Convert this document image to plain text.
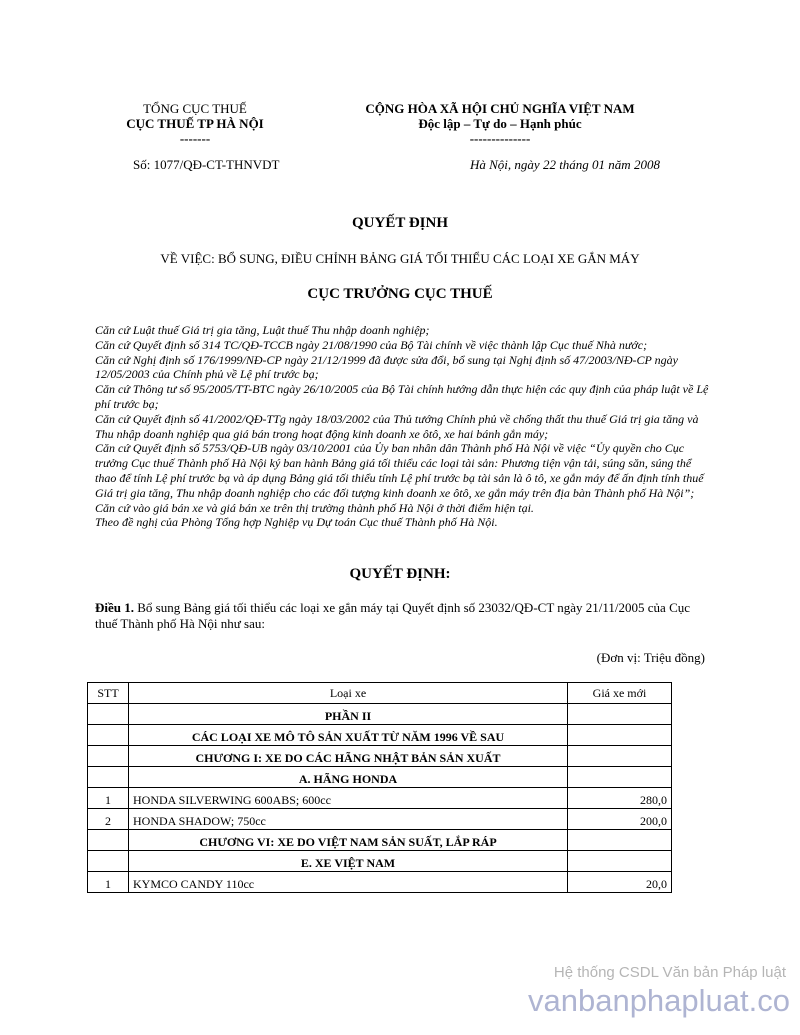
TỔNG CỤC THUẾ
CỤC THUẾ TP HÀ NỘI
-------
CỘNG HÒA XÃ HỘI CHỦ NGHĨA VIỆT NAM
Độc lập – Tự do – Hạnh phúc
--------------
Số: 1077/QĐ-CT-THNVDT	Hà Nội, ngày 22 tháng 01 năm 2008
QUYẾT ĐỊNH
VỀ VIỆC: BỔ SUNG, ĐIỀU CHỈNH BẢNG GIÁ TỐI THIỂU CÁC LOẠI XE GẮN MÁY
CỤC TRƯỞNG CỤC THUẾ
Căn cứ Luật thuế Giá trị gia tăng, Luật thuế Thu nhập doanh nghiệp;
Căn cứ Quyết định số 314 TC/QĐ-TCCB ngày 21/08/1990 của Bộ Tài chính về việc thành lập Cục thuế Nhà nước;
Căn cứ Nghị định số 176/1999/NĐ-CP ngày 21/12/1999 đã được sửa đổi, bổ sung tại Nghị định số 47/2003/NĐ-CP ngày 12/05/2003 của Chính phủ về Lệ phí trước bạ;
Căn cứ Thông tư số 95/2005/TT-BTC ngày 26/10/2005 của Bộ Tài chính hướng dẫn thực hiện các quy định của pháp luật về Lệ phí trước bạ;
Căn cứ Quyết định số 41/2002/QĐ-TTg ngày 18/03/2002 của Thủ tướng Chính phủ về chống thất thu thuế Giá trị gia tăng và Thu nhập doanh nghiệp qua giá bán trong hoạt động kinh doanh xe ôtô, xe hai bánh gắn máy;
Căn cứ Quyết định số 5753/QĐ-UB ngày 03/10/2001 của Ủy ban nhân dân Thành phố Hà Nội về việc “Ủy quyền cho Cục trưởng Cục thuế Thành phố Hà Nội ký ban hành Bảng giá tối thiểu các loại tài sản: Phương tiện vận tải, súng săn, súng thể thao để tính Lệ phí trước bạ và áp dụng Bảng giá tối thiểu tính Lệ phí trước bạ tài sản là ô tô, xe gắn máy để ấn định tính thuế Giá trị gia tăng, Thu nhập doanh nghiệp cho các đối tượng kinh doanh xe ôtô, xe gắn máy trên địa bàn Thành phố Hà Nội”;
Căn cứ vào giá bán xe và giá bán xe trên thị trường thành phố Hà Nội ở thời điểm hiện tại.
Theo đề nghị của Phòng Tổng hợp Nghiệp vụ Dự toán Cục thuế Thành phố Hà Nội.
QUYẾT ĐỊNH:
Điều 1. Bổ sung Bảng giá tối thiểu các loại xe gắn máy tại Quyết định số 23032/QĐ-CT ngày 21/11/2005 của Cục thuế Thành phố Hà Nội như sau:
(Đơn vị: Triệu đồng)
STT	Loại xe	Giá xe mới
	PHẦN II	
	CÁC LOẠI XE MÔ TÔ SẢN XUẤT TỪ NĂM 1996 VỀ SAU	
	CHƯƠNG I: XE DO CÁC HÃNG NHẬT BẢN SẢN XUẤT	
	A. HÃNG HONDA	
1	HONDA SILVERWING 600ABS; 600cc	280,0
2	HONDA SHADOW; 750cc	200,0
	CHƯƠNG VI: XE DO VIỆT NAM SẢN SUẤT, LẮP RÁP	
	E. XE VIỆT NAM	
1	KYMCO CANDY 110cc	20,0
Hệ thống CSDL Văn bản Pháp luật
vanbanphapluat.co
